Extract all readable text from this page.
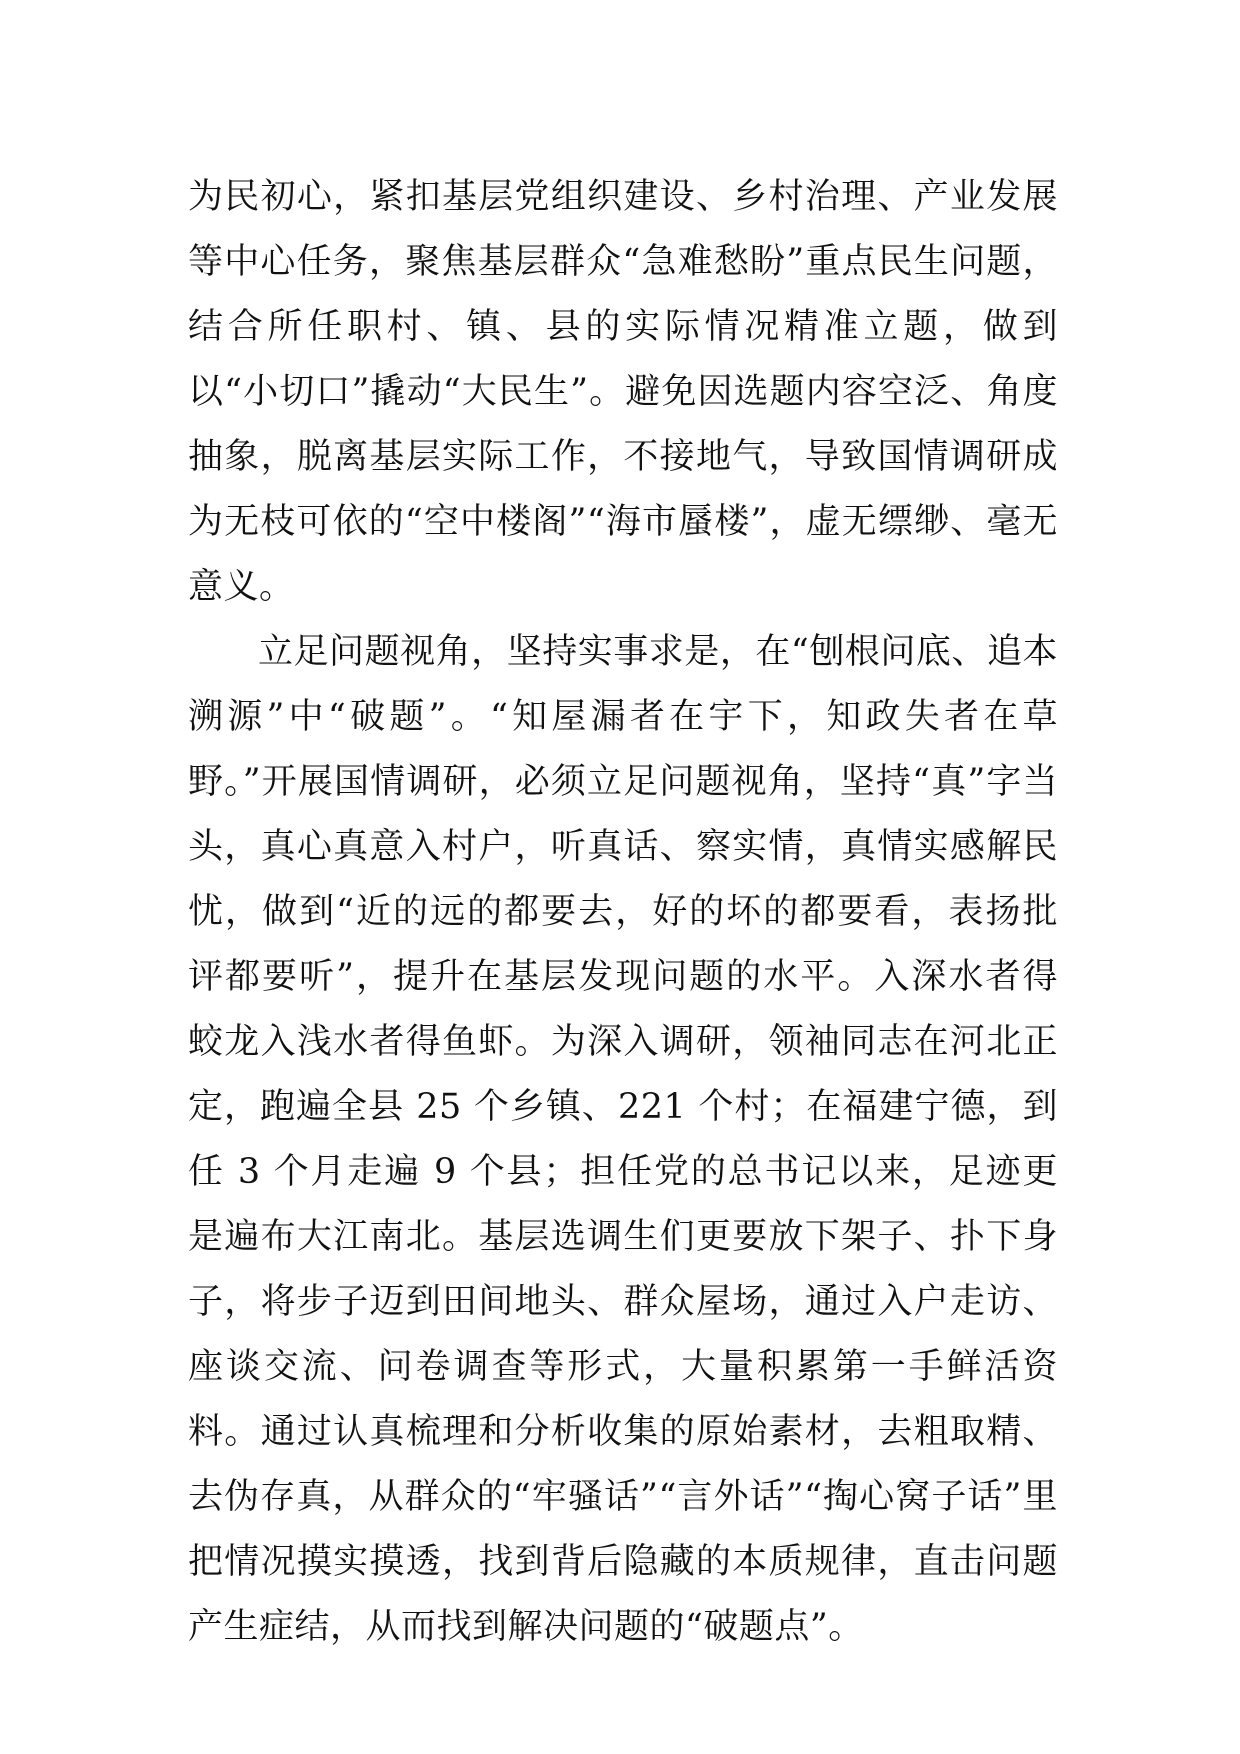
为民初心，紧扣基层党组织建设、乡村治理、产业发展等中心任务，聚焦基层群众“急难愁盼”重点民生问题，结合所任职村、镇、县的实际情况精准立题，做到以“小切口”撬动“大民生”。避免因选题内容空泛、角度抽象，脱离基层实际工作，不接地气，导致国情调研成为无枝可依的“空中楼阁”“海市蜃楼”，虚无缥缈、毫无意义。

立足问题视角，坚持实事求是，在“刨根问底、追本溯源”中“破题”。“知屋漏者在宇下，知政失者在草野。”开展国情调研，必须立足问题视角，坚持“真”字当头，真心真意入村户，听真话、察实情，真情实感解民忧，做到“近的远的都要去，好的坏的都要看，表扬批评都要听”，提升在基层发现问题的水平。入深水者得蛟龙入浅水者得鱼虾。为深入调研，领袖同志在河北正定，跑遍全县 25 个乡镇、221 个村；在福建宁德，到任 3 个月走遍 9 个县；担任党的总书记以来，足迹更是遍布大江南北。基层选调生们更要放下架子、扑下身子，将步子迈到田间地头、群众屋场，通过入户走访、座谈交流、问卷调查等形式，大量积累第一手鲜活资料。通过认真梳理和分析收集的原始素材，去粗取精、去伪存真，从群众的“牢骚话”“言外话”“掏心窝子话”里把情况摸实摸透，找到背后隐藏的本质规律，直击问题产生症结，从而找到解决问题的“破题点”。
